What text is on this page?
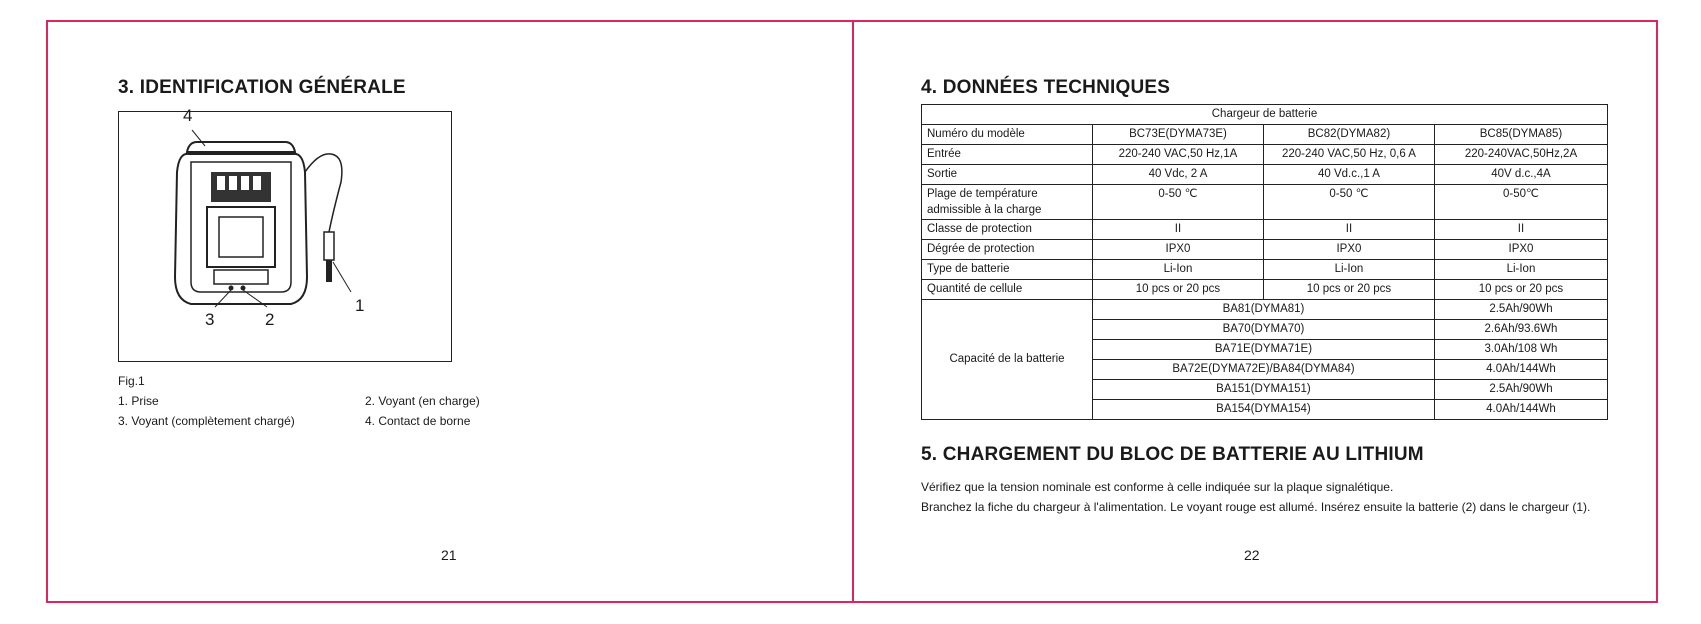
3. IDENTIFICATION GÉNÉRALE
4
3	2
1
Fig.1
1. Prise	2. Voyant (en charge)
3. Voyant (complètement chargé)	4. Contact de borne
21
4. DONNÉES TECHNIQUES
Chargeur de batterie			
Numéro du modèle	BC73E(DYMA73E)	BC82(DYMA82)	BC85(DYMA85)
Entrée	220-240 VAC,50 Hz,1A	220-240 VAC,50 Hz, 0,6 A	220-240VAC,50Hz,2A
Sortie	40 Vdc, 2 A	40 Vd.c.,1 A	40V d.c.,4A
Plage de température admissible à la charge	0-50 ℃	0-50 ℃	0-50℃
Classe de protection	II	II	II
Dégrée de protection	IPX0	IPX0	IPX0
Type de batterie	Li-Ion	Li-Ion	Li-Ion
Quantité de cellule	10 pcs or 20 pcs	10 pcs or 20 pcs	10 pcs or 20 pcs
Capacité de la batterie	BA81(DYMA81)		2.5Ah/90Wh
	BA70(DYMA70)		2.6Ah/93.6Wh
	BA71E(DYMA71E)		3.0Ah/108 Wh
	BA72E(DYMA72E)/BA84(DYMA84)		4.0Ah/144Wh
	BA151(DYMA151)		2.5Ah/90Wh
	BA154(DYMA154)		4.0Ah/144Wh
5. CHARGEMENT DU BLOC DE BATTERIE AU LITHIUM
Vérifiez que la tension nominale est conforme à celle indiquée sur la plaque signalétique.
Branchez la fiche du chargeur à l'alimentation. Le voyant rouge est allumé. Insérez ensuite la batterie (2) dans le chargeur (1).
22
